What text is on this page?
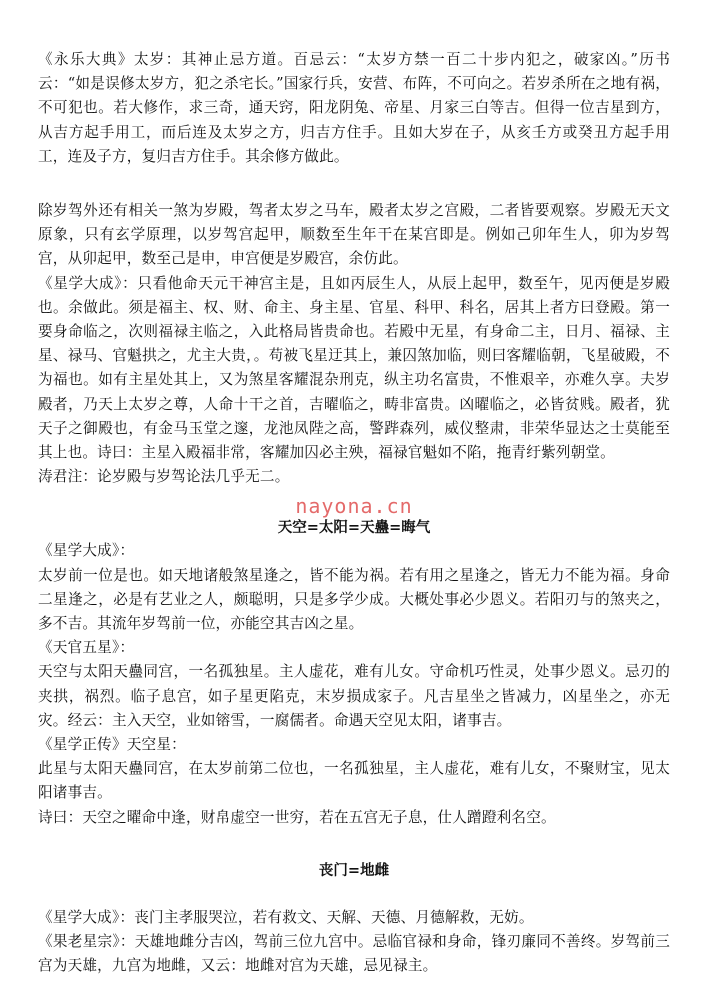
《永乐大典》太岁：其神止忌方道。百忌云：“太岁方禁一百二十步内犯之，破家凶。”历书云：“如是误修太岁方，犯之杀宅长。”国家行兵，安营、布阵，不可向之。若岁杀所在之地有祸，不可犯也。若大修作，求三奇，通天窍，阳龙阴兔、帝星、月家三白等吉。但得一位吉星到方，从吉方起手用工，而后连及太岁之方，归吉方住手。且如大岁在子，从亥壬方或癸丑方起手用工，连及子方，复归吉方住手。其余修方做此。

除岁驾外还有相关一煞为岁殿，驾者太岁之马车，殿者太岁之宫殿，二者皆要观察。岁殿无天文原象，只有玄学原理，以岁驾宫起甲，顺数至生年干在某宫即是。例如己卯年生人，卯为岁驾宫，从卯起甲，数至己是申，申宫便是岁殿宫，余仿此。

《星学大成》：只看他命天元干神宫主是，且如丙辰生人，从辰上起甲，数至午，见丙便是岁殿也。余做此。须是福主、权、财、命主、身主星、官星、科甲、科名，居其上者方曰登殿。第一要身命临之，次则福禄主临之，入此格局皆贵命也。若殿中无星，有身命二主，日月、福禄、主星、禄马、官魁拱之，尤主大贵，。苟被飞星迂其上，兼囚煞加临，则曰客耀临朝，飞星破殿，不为福也。如有主星处其上，又为煞星客耀混杂刑克，纵主功名富贵，不惟艰辛，亦难久享。夫岁殿者，乃天上太岁之尊，人命十干之首，吉曜临之，畴非富贵。凶曜临之，必皆贫贱。殿者，犹天子之御殿也，有金马玉堂之邃，龙池凤陛之高，警跸森列，威仪整肃，非荣华显达之士莫能至其上也。诗曰：主星入殿福非常，客耀加囚必主殃，福禄官魁如不陷，拖青纡紫列朝堂。

涛君注：论岁殿与岁驾论法几乎无二。

nayona.cn

天空=太阳=天蠱=晦气

《星学大成》：

太岁前一位是也。如天地诸般煞星逢之，皆不能为祸。若有用之星逢之，皆无力不能为福。身命二星逢之，必是有艺业之人，颇聪明，只是多学少成。大概处事必少恩义。若阳刃与的煞夹之，多不吉。其流年岁驾前一位，亦能空其吉凶之星。

《天官五星》：

天空与太阳天蠱同宫，一名孤独星。主人虚花，难有儿女。守命机巧性灵，处事少恩义。忌刃的夹拱，祸烈。临子息宫，如子星更陷克，末岁损成家子。凡吉星坐之皆减力，凶星坐之，亦无灾。经云：主入天空，业如镕雪，一腐儒者。命遇天空见太阳，诸事吉。

《星学正传》天空星：

此星与太阳天蠱同宫，在太岁前第二位也，一名孤独星，主人虚花，难有儿女，不聚财宝，见太阳诸事吉。

诗曰：天空之曜命中逢，财帛虚空一世穷，若在五宫无子息，仕人蹭蹬利名空。

丧门=地雌

《星学大成》：丧门主孝服哭泣，若有救文、天解、天德、月德解救，无妨。

《果老星宗》：天雄地雌分吉凶，驾前三位九宫中。忌临官禄和身命，锋刃廉同不善终。岁驾前三宫为天雄，九宫为地雌，又云：地雌对宫为天雄，忌见禄主。
